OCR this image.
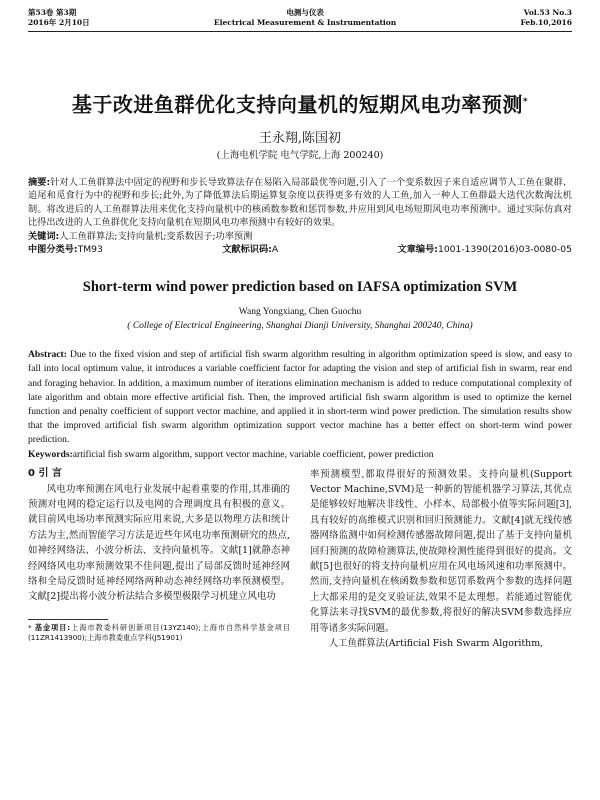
第53卷 第3期
2016年 2月10日
电测与仪表
Electrical Measurement & Instrumentation
Vol.53 No.3
Feb.10,2016
基于改进鱼群优化支持向量机的短期风电功率预测*
王永翔,陈国初
(上海电机学院 电气学院,上海 200240)
摘要:针对人工鱼群算法中固定的视野和步长导致算法存在易陷入局部最优等问题,引入了一个变系数因子来自适应调节人工鱼在聚群、追尾和觅食行为中的视野和步长;此外,为了降低算法后期运算复杂度以获得更多有效的人工鱼,加入一种人工鱼群最大迭代次数淘汰机制。将改进后的人工鱼群算法用来优化支持向量机中的核函数参数和惩罚参数,并应用到风电场短期风电功率预测中。通过实际仿真对比得出改进的人工鱼群优化支持向量机在短期风电功率预测中有较好的效果。
关键词:人工鱼群算法;支持向量机;变系数因子;功率预测
中图分类号:TM93	文献标识码:A	文章编号:1001-1390(2016)03-0080-05
Short-term wind power prediction based on IAFSA optimization SVM
Wang Yongxiang, Chen Guochu
( College of Electrical Engineering, Shanghai Dianji University, Shanghai 200240, China)
Abstract: Due to the fixed vision and step of artificial fish swarm algorithm resulting in algorithm optimization speed is slow, and easy to fall into local optimum value, it introduces a variable coefficient factor for adapting the vision and step of artificial fish in swarm, rear end and foraging behavior. In addition, a maximum number of iterations elimination mechanism is added to reduce computational complexity of late algorithm and obtain more effective artificial fish. Then, the improved artificial fish swarm algorithm is used to optimize the kernel function and penalty coefficient of support vector machine, and applied it in short-term wind power prediction. The simulation results show that the improved artificial fish swarm algorithm optimization support vector machine has a better effect on short-term wind power prediction.
Keywords:artificial fish swarm algorithm, support vector machine, variable coefficient, power prediction
0 引 言

风电功率预测在风电行业发展中起着重要的作用,其准确的预测对电网的稳定运行以及电网的合理调度具有积极的意义。就目前风电场功率预测实际应用来说,大多是以物理方法和统计方法为主,然而智能学习方法是近些年风电功率预测研究的热点,如神经网络法、小波分析法、支持向量机等。文献[1]就静态神经网络风电功率预测效果不佳问题,提出了局部反馈时延神经网络和全局反馈时延神经网络两种动态神经网络功率预测模型。文献[2]提出将小波分析法结合多模型极限学习机建立风电功

* 基金项目:上海市教委科研创新项目(13YZ140);上海市自然科学基金项目(11ZR1413900);上海市教委重点学科(J51901)

率预测模型,都取得很好的预测效果。支持向量机(Support Vector Machine,SVM)是一种新的智能机器学习算法,其优点是能够较好地解决非线性、小样本、局部极小值等实际问题[3],具有较好的高维模式识别和回归预测能力。文献[4]就无线传感器网络监测中如何检测传感器故障问题,提出了基于支持向量机回归预测的故障检测算法,使故障检测性能得到很好的提高。文献[5]也很好的将支持向量机应用在风电场风速和功率预测中。然而,支持向量机在核函数参数和惩罚系数两个参数的选择问题上大都采用的是交叉验证法,效果不是太理想。若能通过智能优化算法来寻找SVM的最优参数,将很好的解决SVM参数选择应用等诸多实际问题。

人工鱼群算法(Artificial Fish Swarm Algorithm,
